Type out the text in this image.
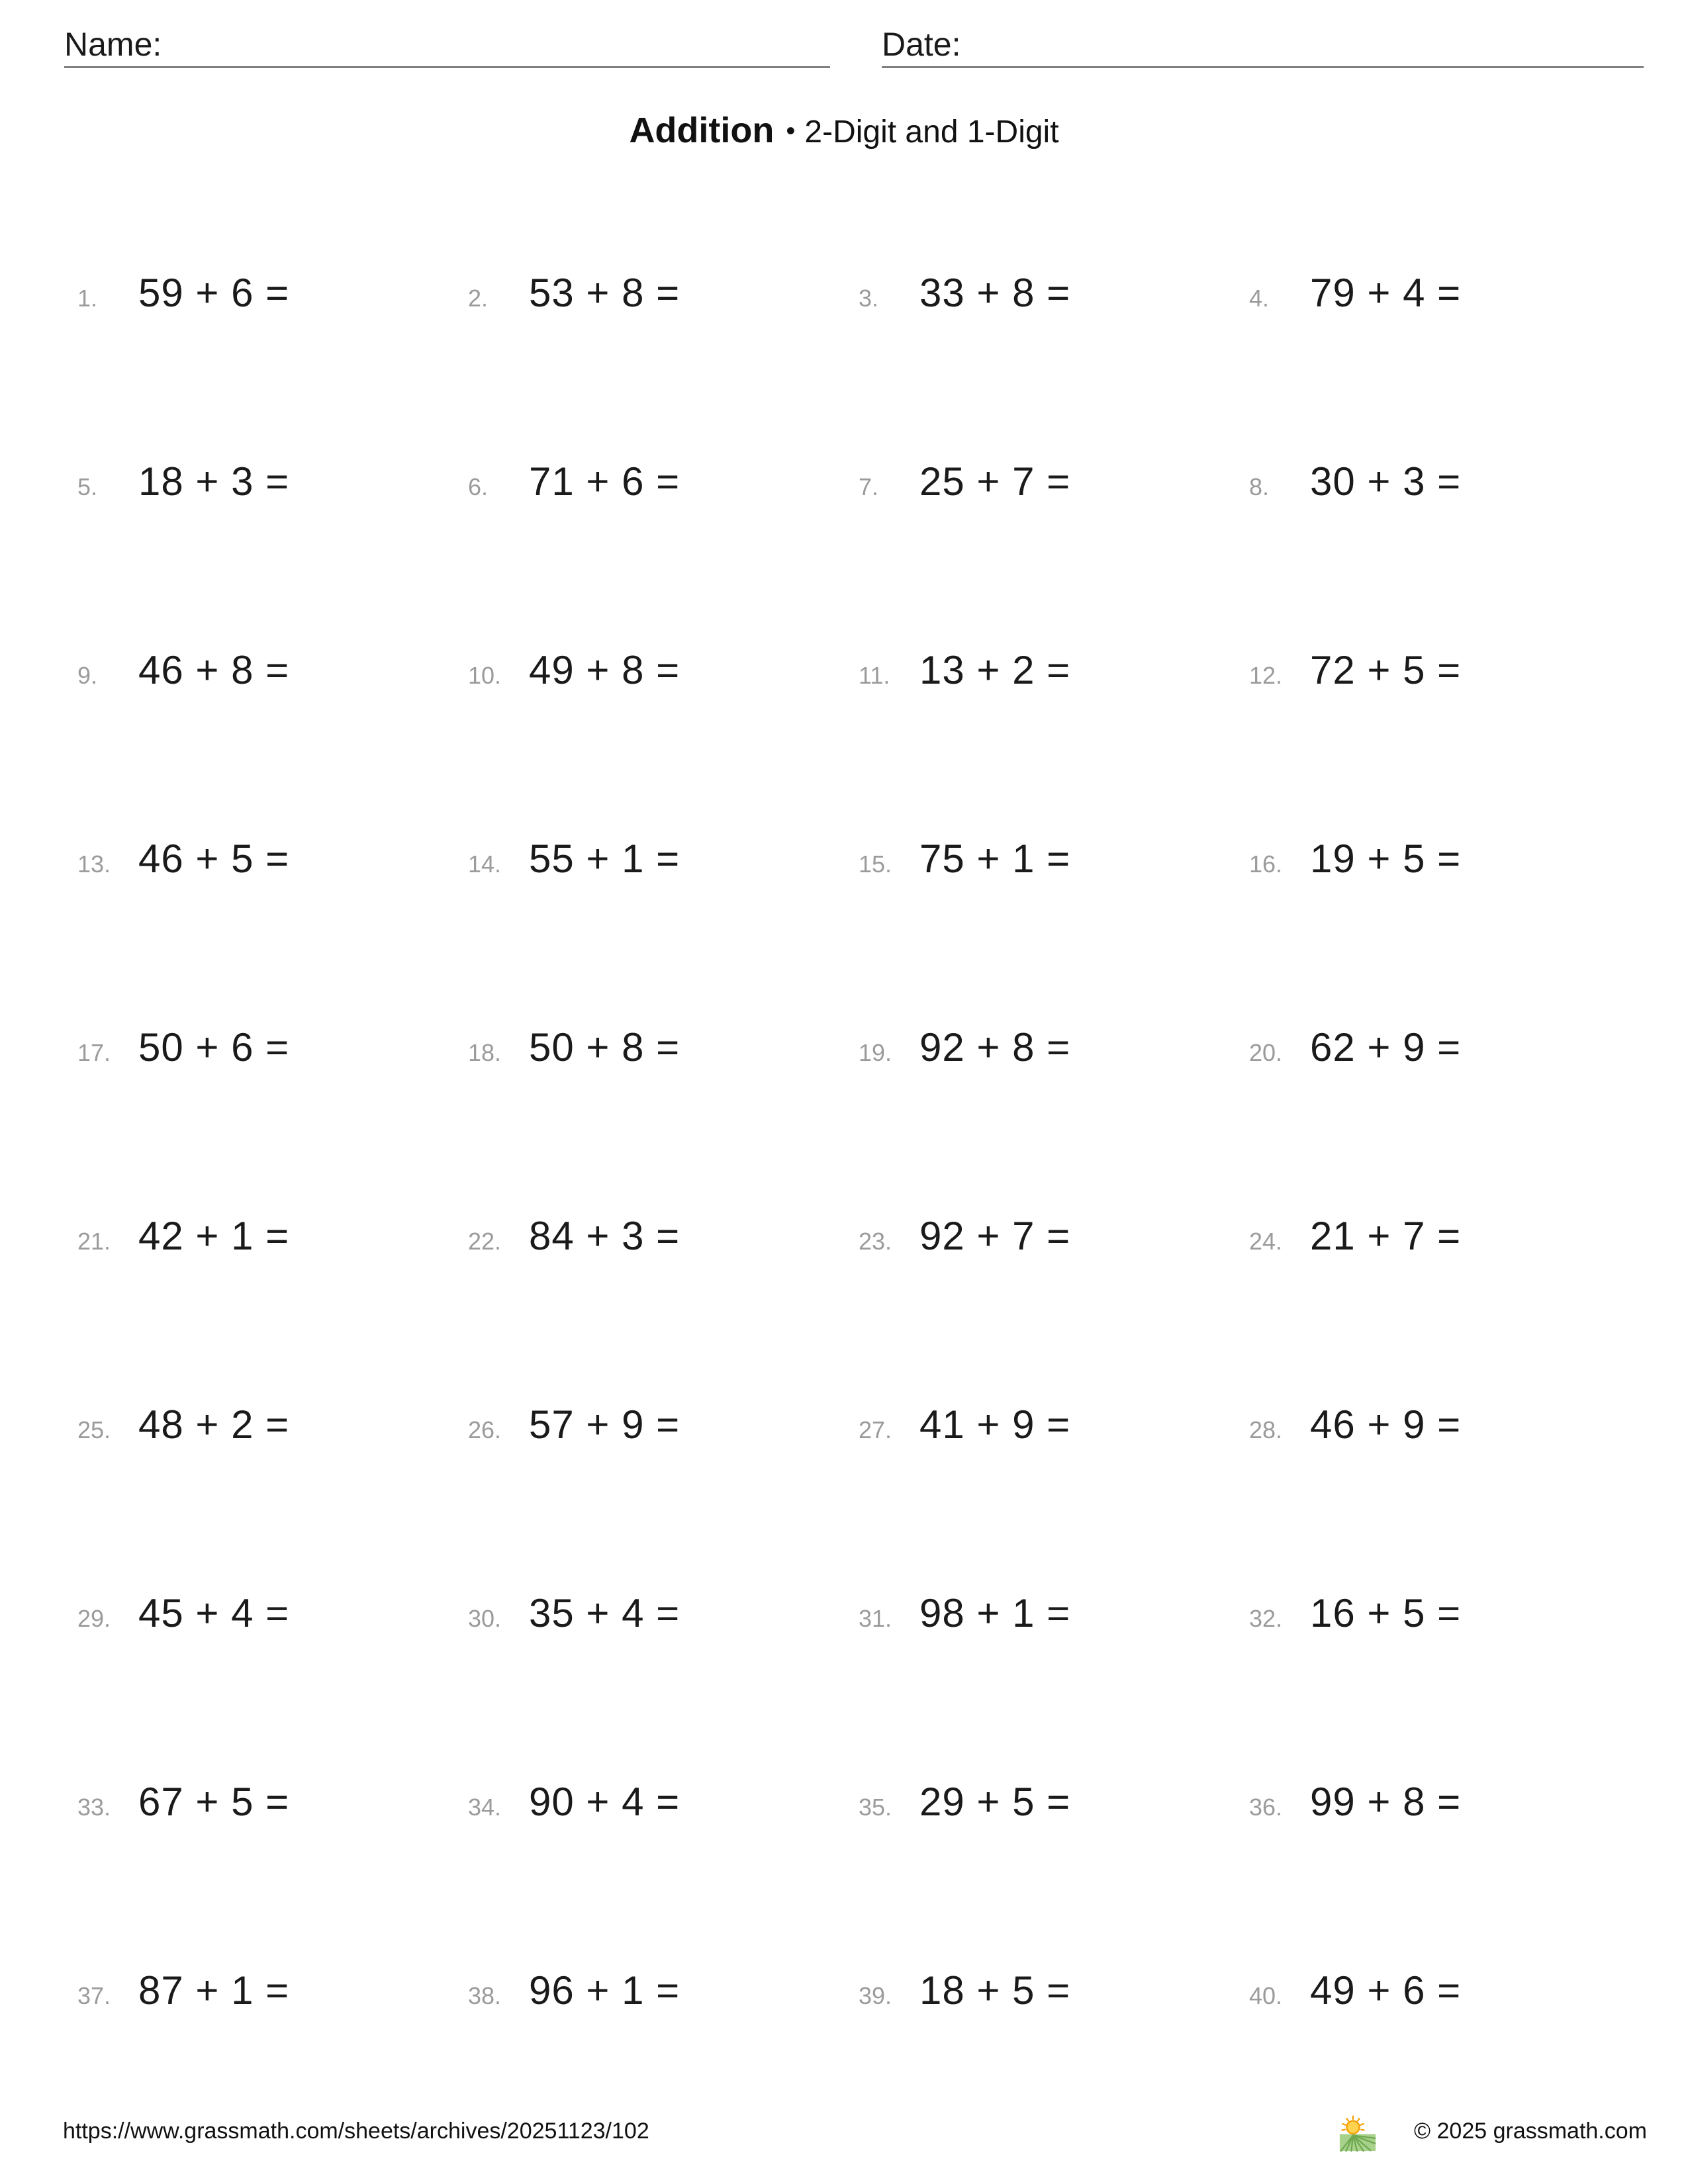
Name:	Date:
Addition • 2-Digit and 1-Digit
1.	59 + 6 =	2.	53 + 8 =	3.	33 + 8 =	4.	79 + 4 =
5.	18 + 3 =	6.	71 + 6 =	7.	25 + 7 =	8.	30 + 3 =
9.	46 + 8 =	10. 49 + 8 =	11. 13 + 2 =	12. 72 + 5 =
13. 46 + 5 =	14. 55 + 1 =	15. 75 + 1 =	16. 19 + 5 =
17. 50 + 6 =	18. 50 + 8 =	19. 92 + 8 =	20. 62 + 9 =
21. 42 + 1 =	22. 84 + 3 =	23. 92 + 7 =	24. 21 + 7 =
25. 48 + 2 =	26. 57 + 9 =	27. 41 + 9 =	28. 46 + 9 =
29. 45 + 4 =	30. 35 + 4 =	31. 98 + 1 =	32. 16 + 5 =
33. 67 + 5 =	34. 90 + 4 =	35. 29 + 5 =	36. 99 + 8 =
37. 87 + 1 =	38. 96 + 1 =	39. 18 + 5 =	40. 49 + 6 =
https://www.grassmath.com/sheets/archives/20251123/102	© 2025 grassmath.com
